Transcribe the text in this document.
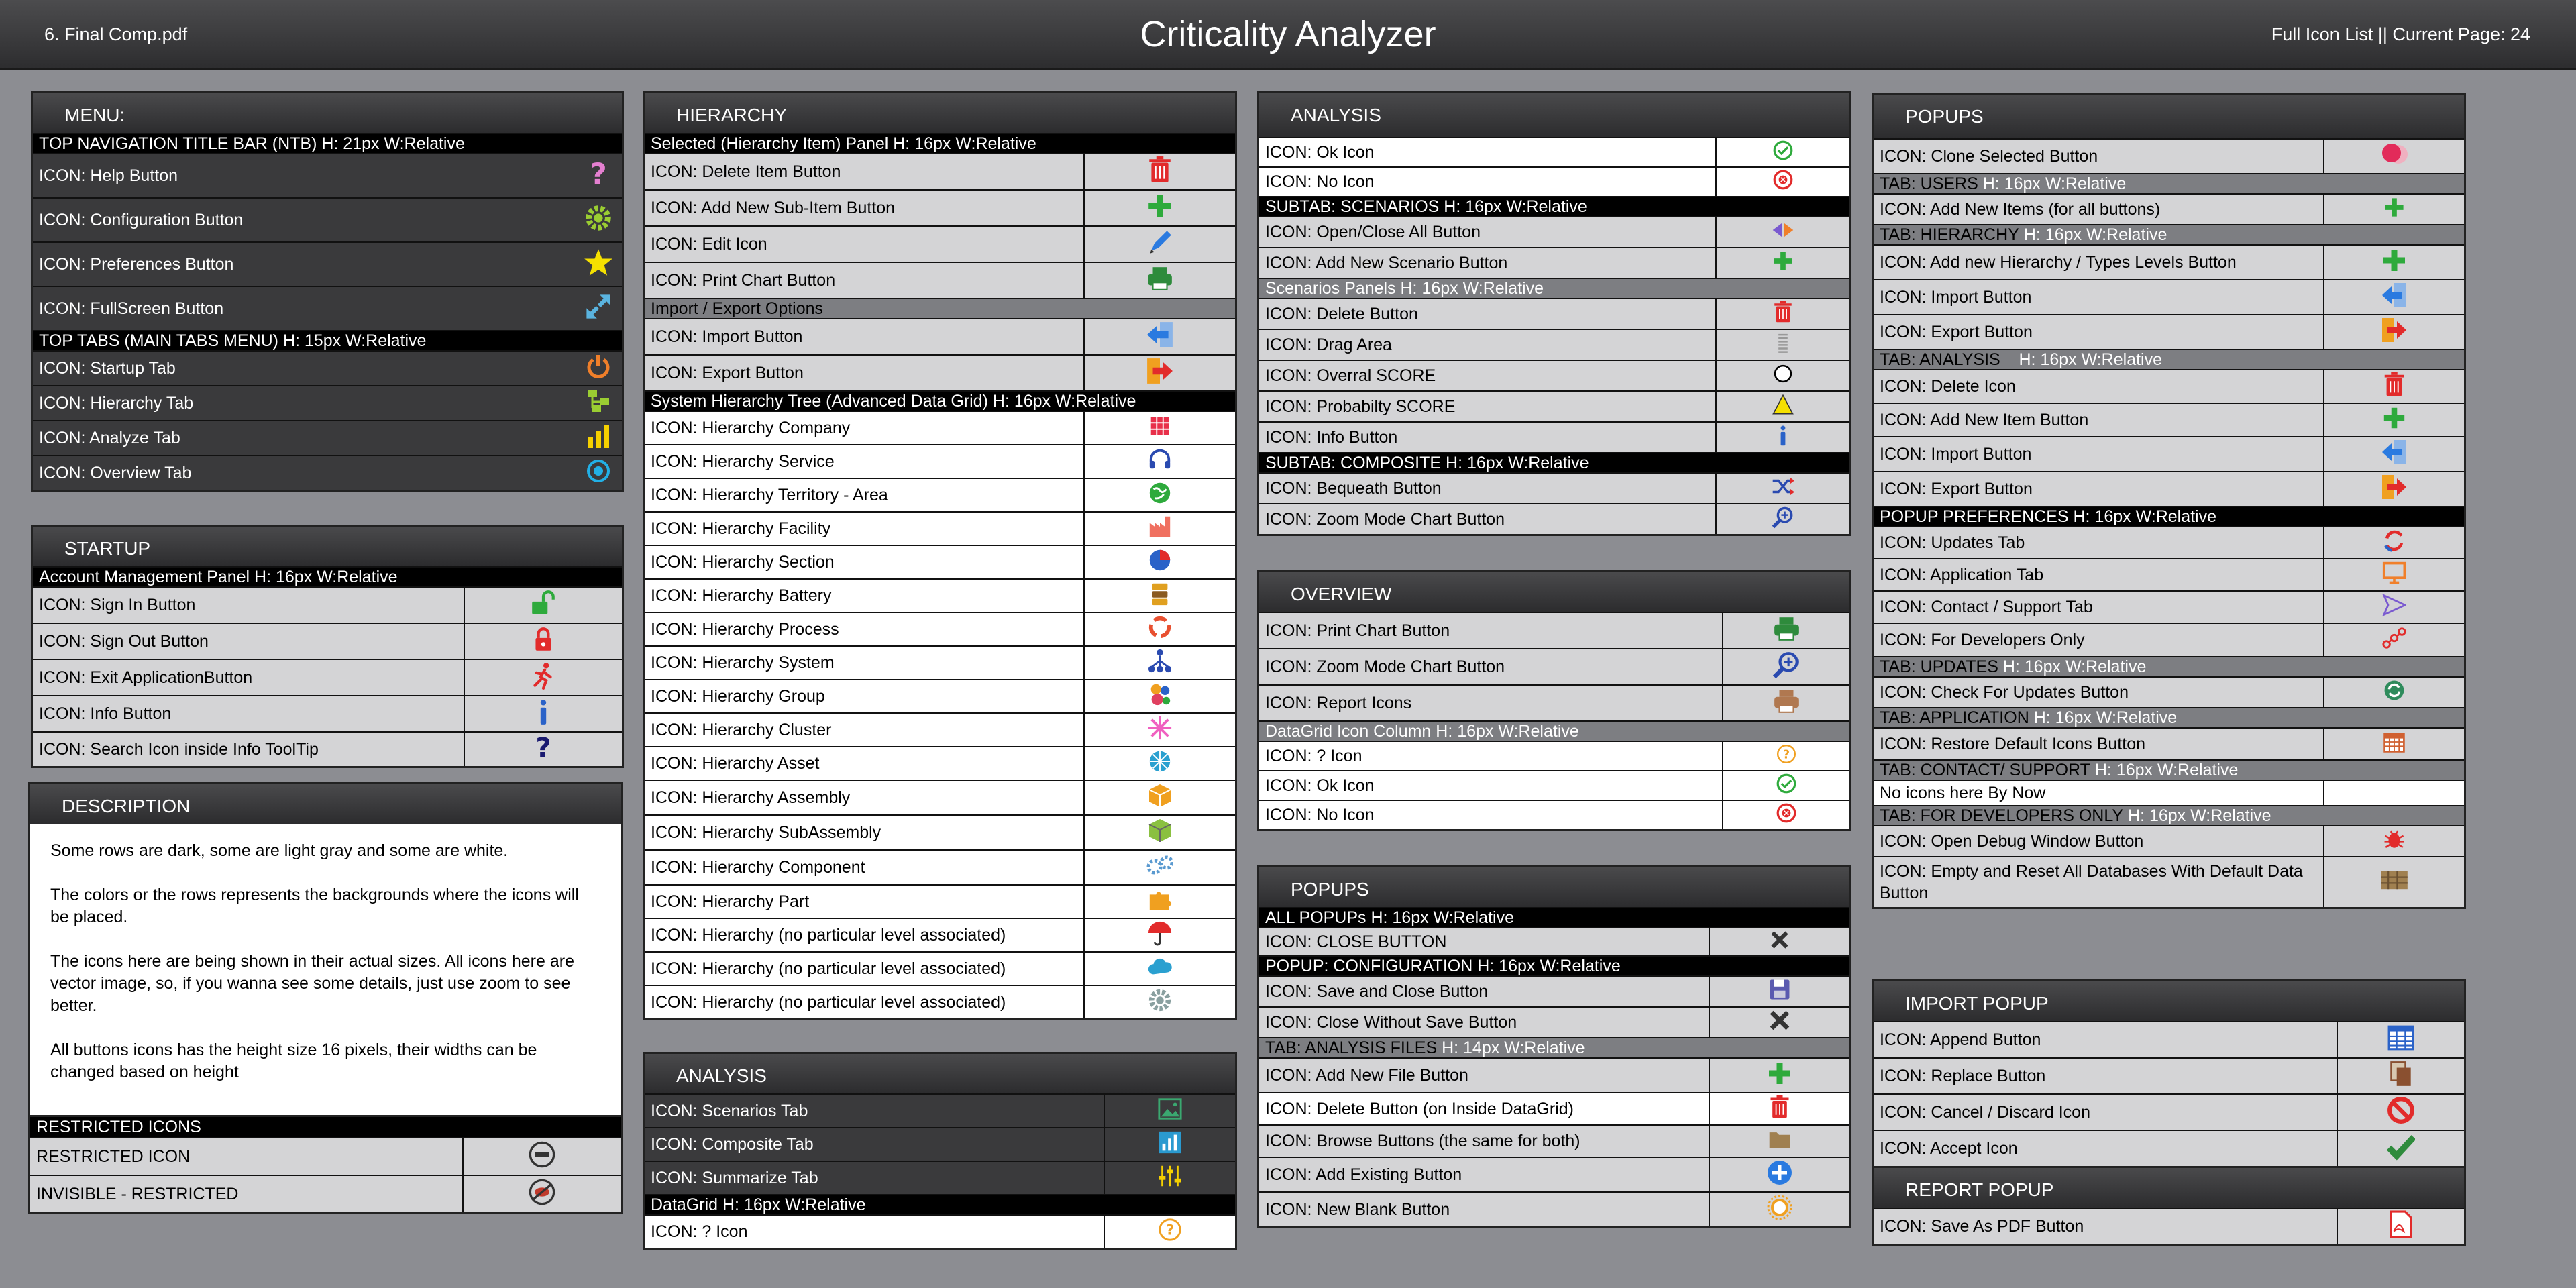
6. Final Comp.pdf	Criticality Analyzer	Full Icon List || Current Page: 24
MENU:
TOP NAVIGATION TITLE BAR (NTB) H: 21px W:Relative
ICON: Help Button	?
ICON: Configuration Button
ICON: Preferences Button
ICON: FullScreen Button
TOP TABS (MAIN TABS MENU) H: 15px W:Relative
ICON: Startup Tab
ICON: Hierarchy Tab
ICON: Analyze Tab
ICON: Overview Tab
STARTUP
Account Management Panel H: 16px W:Relative
ICON: Sign In Button
ICON: Sign Out Button
ICON: Exit ApplicationButton
ICON: Info Button
ICON: Search Icon inside Info ToolTip	?
DESCRIPTION

Some rows are dark, some are light gray and some are white.

The colors or the rows represents the backgrounds where the icons will be placed.

The icons here are being shown in their actual sizes. All icons here are vector image, so, if you wanna see some details, just use zoom to see better.

All buttons icons has the height size 16 pixels, their widths can be changed based on height

RESTRICTED ICONS
RESTRICTED ICON
INVISIBLE - RESTRICTED
HIERARCHY
Selected (Hierarchy Item) Panel H: 16px W:Relative
ICON: Delete Item Button
ICON: Add New Sub-Item Button
ICON: Edit Icon
ICON: Print Chart Button
Import / Export Options
ICON: Import Button
ICON: Export Button
System Hierarchy Tree (Advanced Data Grid) H: 16px W:Relative
ICON: Hierarchy Company
ICON: Hierarchy Service
ICON: Hierarchy Territory - Area
ICON: Hierarchy Facility
ICON: Hierarchy Section
ICON: Hierarchy Battery
ICON: Hierarchy Process
ICON: Hierarchy System
ICON: Hierarchy Group
ICON: Hierarchy Cluster
ICON: Hierarchy Asset
ICON: Hierarchy Assembly
ICON: Hierarchy SubAssembly
ICON: Hierarchy Component
ICON: Hierarchy Part
ICON: Hierarchy (no particular level associated)
ICON: Hierarchy (no particular level associated)
ICON: Hierarchy (no particular level associated)
ANALYSIS
ICON: Scenarios Tab
ICON: Composite Tab
ICON: Summarize Tab
DataGrid H: 16px W:Relative
ICON: ? Icon	?
ANALYSIS
ICON: Ok Icon
ICON: No Icon
SUBTAB: SCENARIOS H: 16px W:Relative
ICON: Open/Close All Button
ICON: Add New Scenario Button
Scenarios Panels H: 16px W:Relative
ICON: Delete Button
ICON: Drag Area
ICON: Overral SCORE
ICON: Probabilty SCORE
ICON: Info Button
SUBTAB: COMPOSITE H: 16px W:Relative
ICON: Bequeath Button
ICON: Zoom Mode Chart Button
OVERVIEW
ICON: Print Chart Button
ICON: Zoom Mode Chart Button
ICON: Report Icons
DataGrid Icon Column H: 16px W:Relative
ICON: ? Icon	?
ICON: Ok Icon
ICON: No Icon
POPUPS
ALL POPUPs H: 16px W:Relative
ICON: CLOSE BUTTON
POPUP: CONFIGURATION H: 16px W:Relative
ICON: Save and Close Button
ICON: Close Without Save Button
TAB: ANALYSIS FILES H: 14px W:Relative
ICON: Add New File Button
ICON: Delete Button (on Inside DataGrid)
ICON: Browse Buttons (the same for both)
ICON: Add Existing Button
ICON: New Blank Button
POPUPS
ICON: Clone Selected Button
TAB: USERS H: 16px W:Relative
ICON: Add New Items (for all buttons)
TAB: HIERARCHY H: 16px W:Relative
ICON: Add new Hierarchy / Types Levels Button
ICON: Import Button
ICON: Export Button
TAB: ANALYSIS H: 16px W:Relative
ICON: Delete Icon
ICON: Add New Item Button
ICON: Import Button
ICON: Export Button
POPUP PREFERENCES H: 16px W:Relative
ICON: Updates Tab
ICON: Application Tab
ICON: Contact / Support Tab
ICON: For Developers Only
TAB: UPDATES H: 16px W:Relative
ICON: Check For Updates Button
TAB: APPLICATION H: 16px W:Relative
ICON: Restore Default Icons Button
TAB: CONTACT/ SUPPORT H: 16px W:Relative
No icons here By Now
TAB: FOR DEVELOPERS ONLY H: 16px W:Relative
ICON: Open Debug Window Button
ICON: Empty and Reset All Databases With Default Data Button
IMPORT POPUP
ICON: Append Button
ICON: Replace Button
ICON: Cancel / Discard Icon
ICON: Accept Icon
REPORT POPUP
ICON: Save As PDF Button
